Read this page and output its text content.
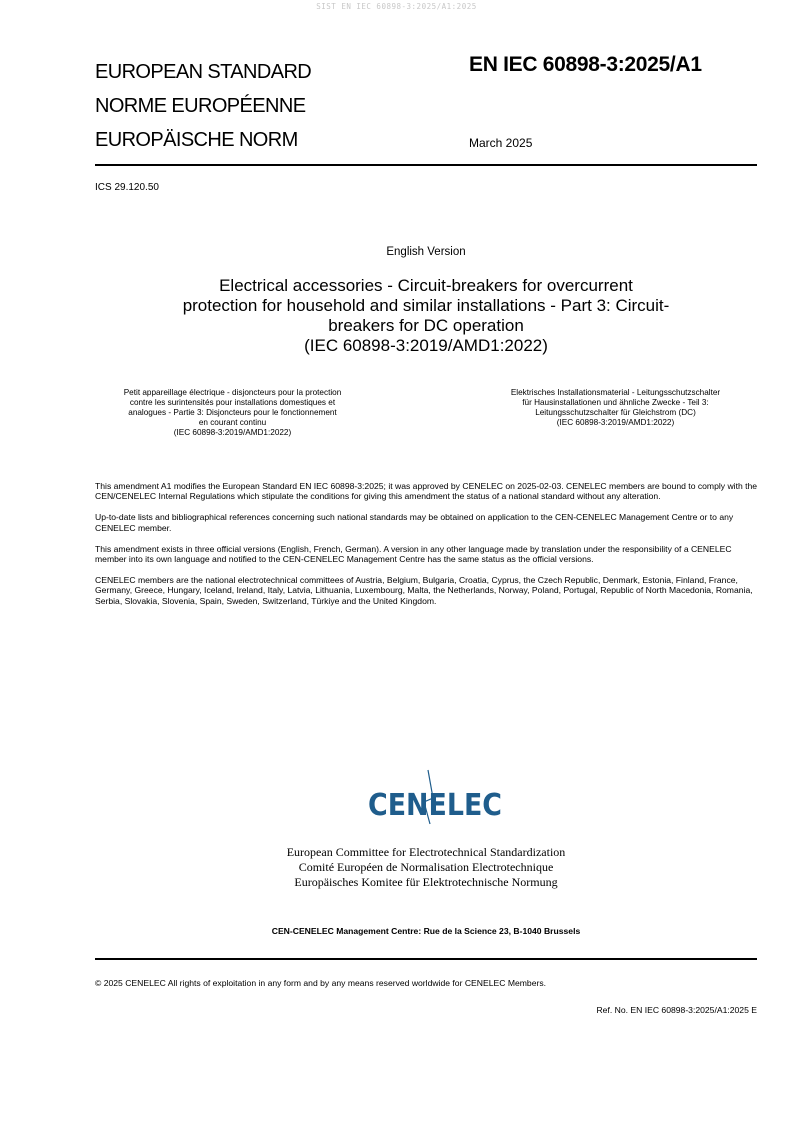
SIST EN IEC 60898-3:2025/A1:2025
EUROPEAN STANDARD
NORME EUROPÉENNE
EUROPÄISCHE NORM
EN IEC 60898-3:2025/A1
March 2025
ICS 29.120.50
English Version
Electrical accessories - Circuit-breakers for overcurrent
protection for household and similar installations - Part 3: Circuit-
breakers for DC operation
(IEC 60898-3:2019/AMD1:2022)
Petit appareillage électrique - disjoncteurs pour la protection
contre les surintensités pour installations domestiques et
analogues - Partie 3: Disjoncteurs pour le fonctionnement
en courant continu
(IEC 60898-3:2019/AMD1:2022)
Elektrisches Installationsmaterial - Leitungsschutzschalter
für Hausinstallationen und ähnliche Zwecke - Teil 3:
Leitungsschutzschalter für Gleichstrom (DC)
(IEC 60898-3:2019/AMD1:2022)

This amendment A1 modifies the European Standard EN IEC 60898-3:2025; it was approved by CENELEC on 2025-02-03. CENELEC members are bound to comply with the CEN/CENELEC Internal Regulations which stipulate the conditions for giving this amendment the status of a national standard without any alteration.

Up-to-date lists and bibliographical references concerning such national standards may be obtained on application to the CEN-CENELEC Management Centre or to any CENELEC member.

This amendment exists in three official versions (English, French, German). A version in any other language made by translation under the responsibility of a CENELEC member into its own language and notified to the CEN-CENELEC Management Centre has the same status as the official versions.

CENELEC members are the national electrotechnical committees of Austria, Belgium, Bulgaria, Croatia, Cyprus, the Czech Republic, Denmark, Estonia, Finland, France, Germany, Greece, Hungary, Iceland, Ireland, Italy, Latvia, Lithuania, Luxembourg, Malta, the Netherlands, Norway, Poland, Portugal, Republic of North Macedonia, Romania, Serbia, Slovakia, Slovenia, Spain, Sweden, Switzerland, Türkiye and the United Kingdom.

CENELEC
European Committee for Electrotechnical Standardization
Comité Européen de Normalisation Electrotechnique
Europäisches Komitee für Elektrotechnische Normung
CEN-CENELEC Management Centre: Rue de la Science 23, B-1040 Brussels
© 2025 CENELEC All rights of exploitation in any form and by any means reserved worldwide for CENELEC Members.
Ref. No. EN IEC 60898-3:2025/A1:2025 E
